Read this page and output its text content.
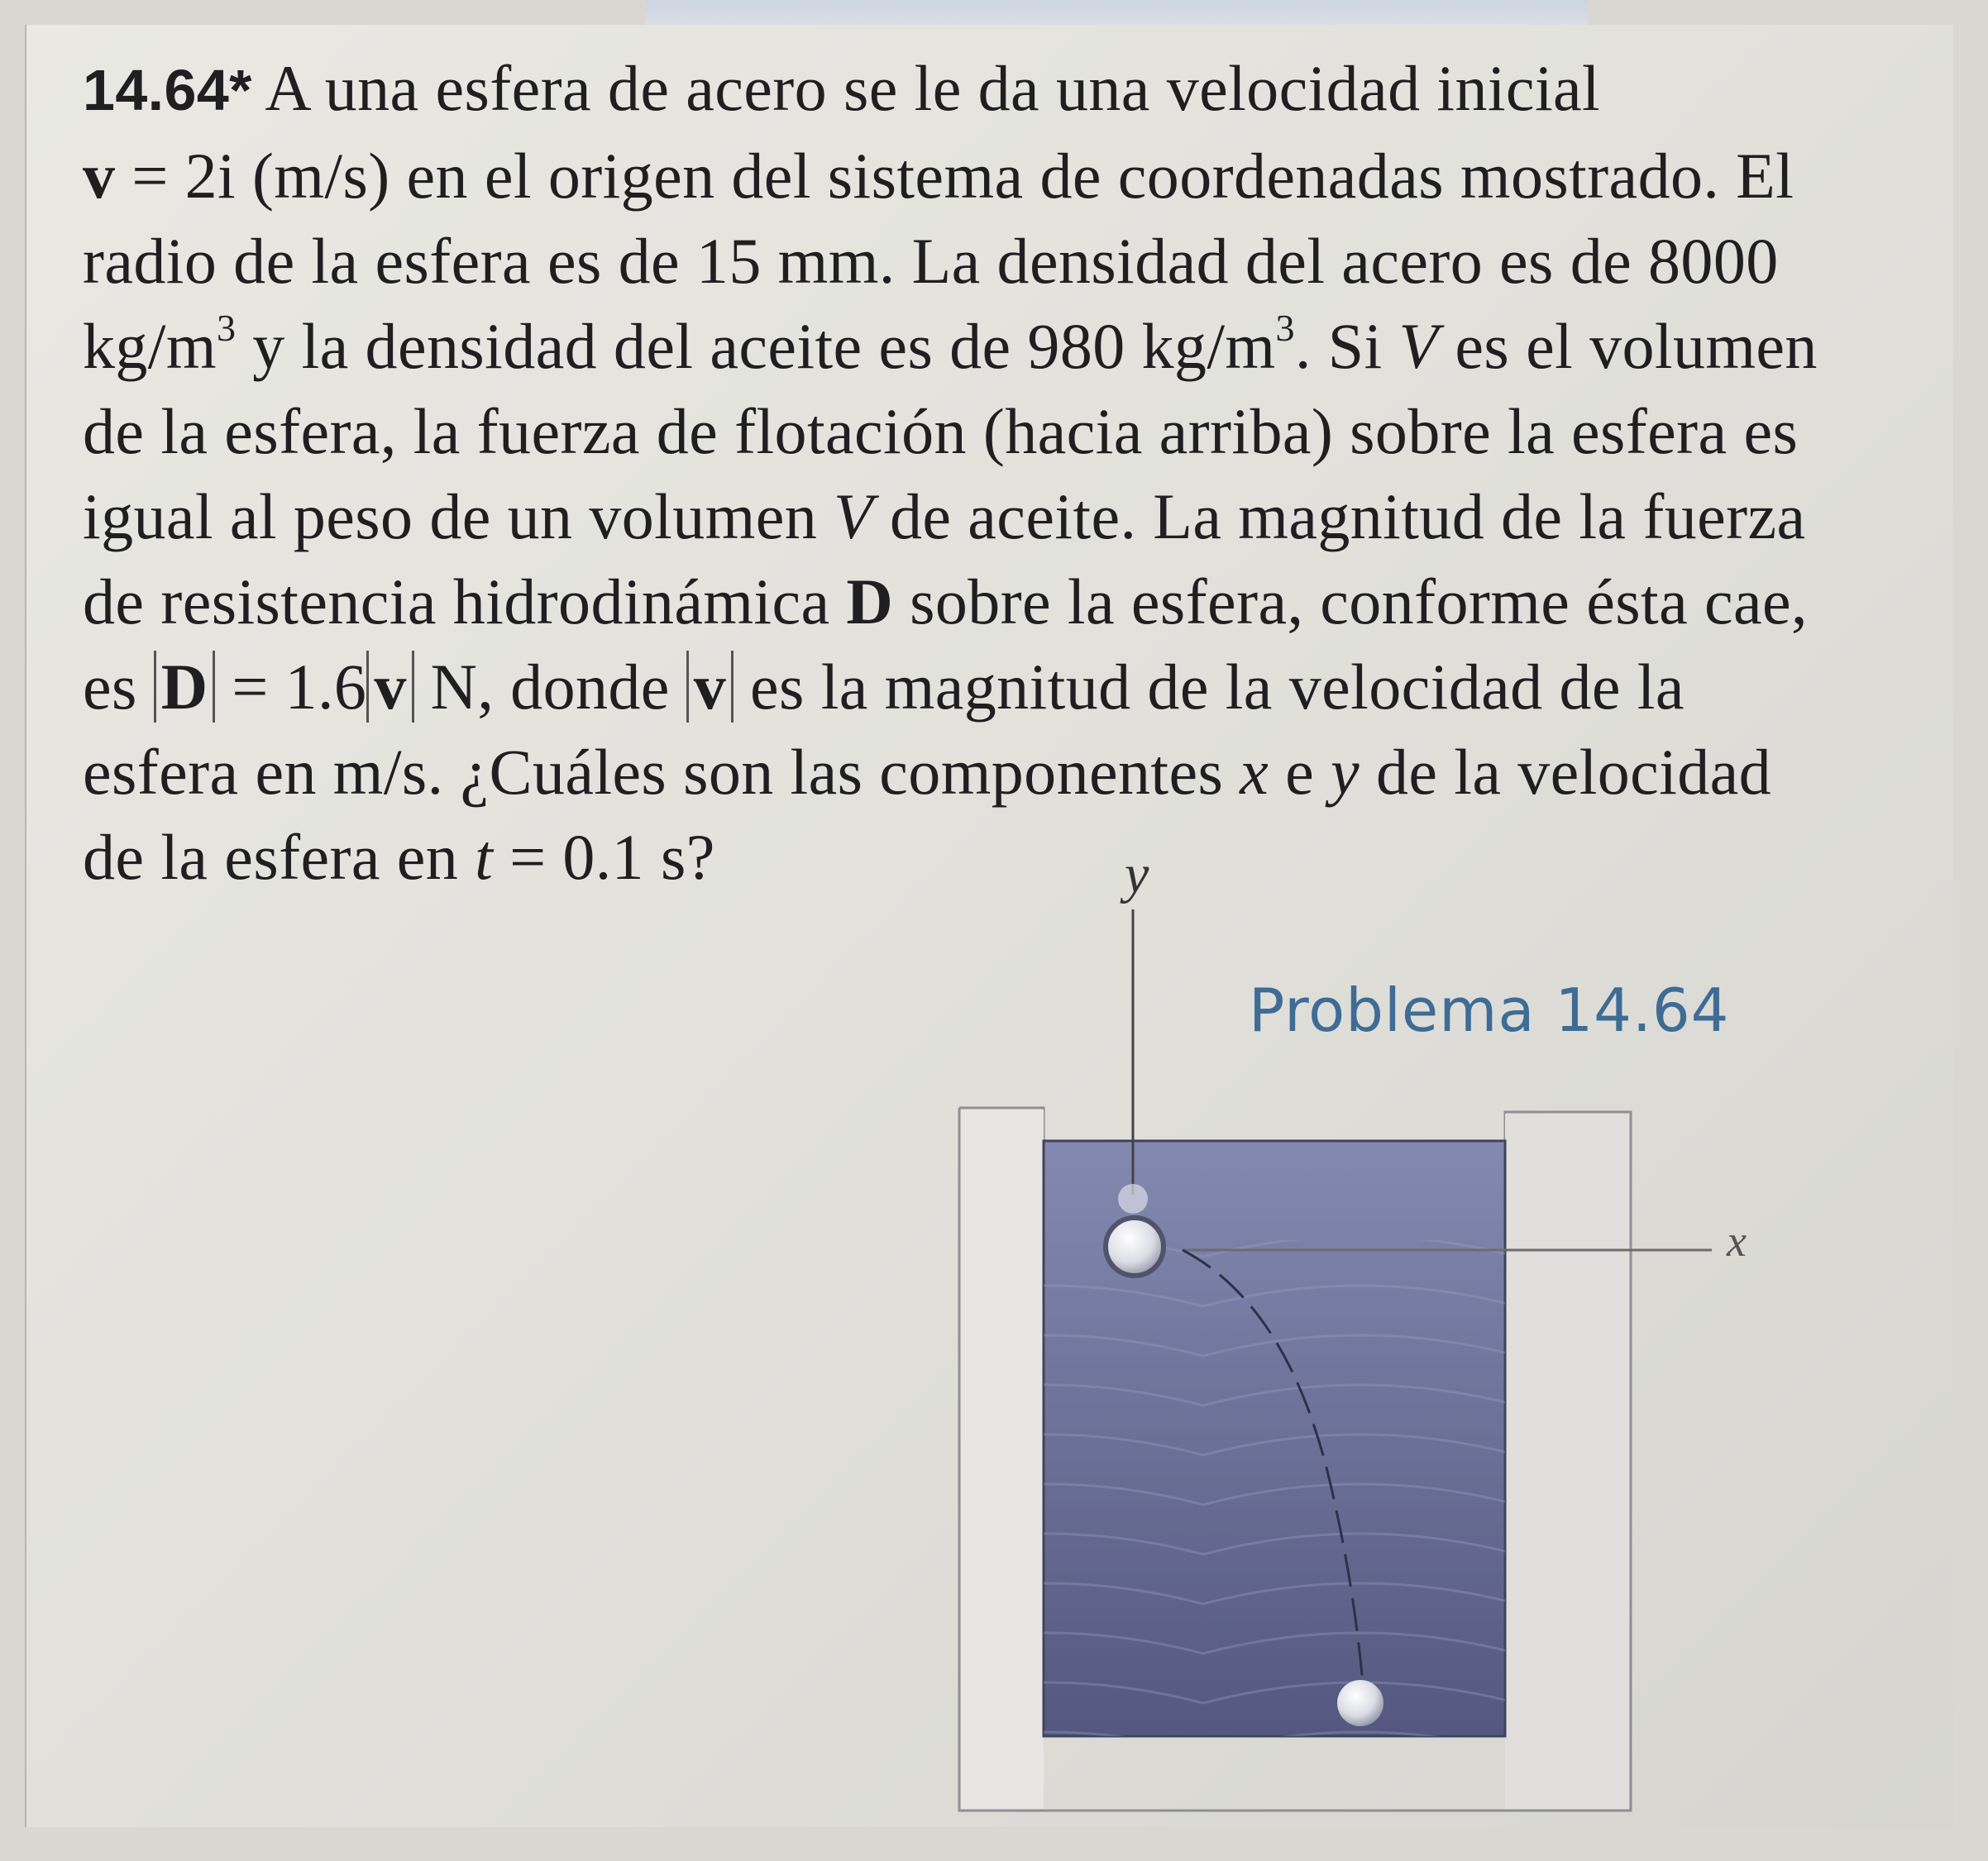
14.64* A una esfera de acero se le da una velocidad inicial
v = 2i (m/s) en el origen del sistema de coordenadas mostrado. El
radio de la esfera es de 15 mm. La densidad del acero es de 8000
$kg/m^3$ y la densidad del aceite es de 980 $kg/m^3$. Si V es el volumen
de la esfera, la fuerza de flotación (hacia arriba) sobre la esfera es
igual al peso de un volumen V de aceite. La magnitud de la fuerza
de resistencia hidrodinámica D sobre la esfera, conforme ésta cae,
es D = 1.6 v N, donde v es la magnitud de la velocidad de la
esfera en m/s. ¿Cuáles son las componentes x e y de la velocidad
de la esfera en t = 0.1 s?	y
x
Problema 14.64
